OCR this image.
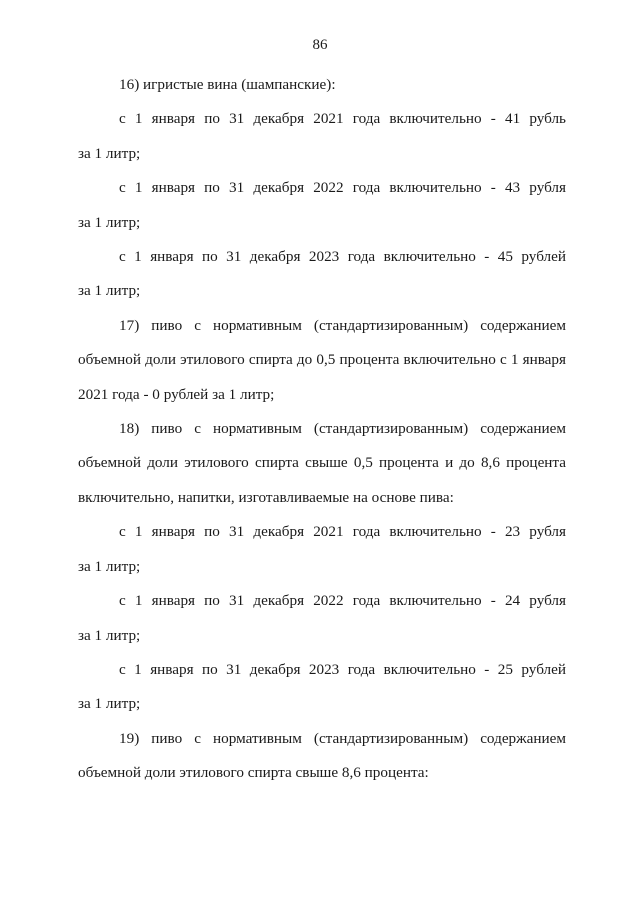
86
16) игристые вина (шампанские):
с 1 января по 31 декабря 2021 года включительно - 41 рубль
за 1 литр;
с 1 января по 31 декабря 2022 года включительно - 43 рубля
за 1 литр;
с 1 января по 31 декабря 2023 года включительно - 45 рублей
за 1 литр;
17) пиво с нормативным (стандартизированным) содержанием
объемной доли этилового спирта до 0,5 процента включительно с 1 января
2021 года - 0 рублей за 1 литр;
18) пиво с нормативным (стандартизированным) содержанием
объемной доли этилового спирта свыше 0,5 процента и до 8,6 процента
включительно, напитки, изготавливаемые на основе пива:
с 1 января по 31 декабря 2021 года включительно - 23 рубля
за 1 литр;
с 1 января по 31 декабря 2022 года включительно - 24 рубля
за 1 литр;
с 1 января по 31 декабря 2023 года включительно - 25 рублей
за 1 литр;
19) пиво с нормативным (стандартизированным) содержанием
объемной доли этилового спирта свыше 8,6 процента:
